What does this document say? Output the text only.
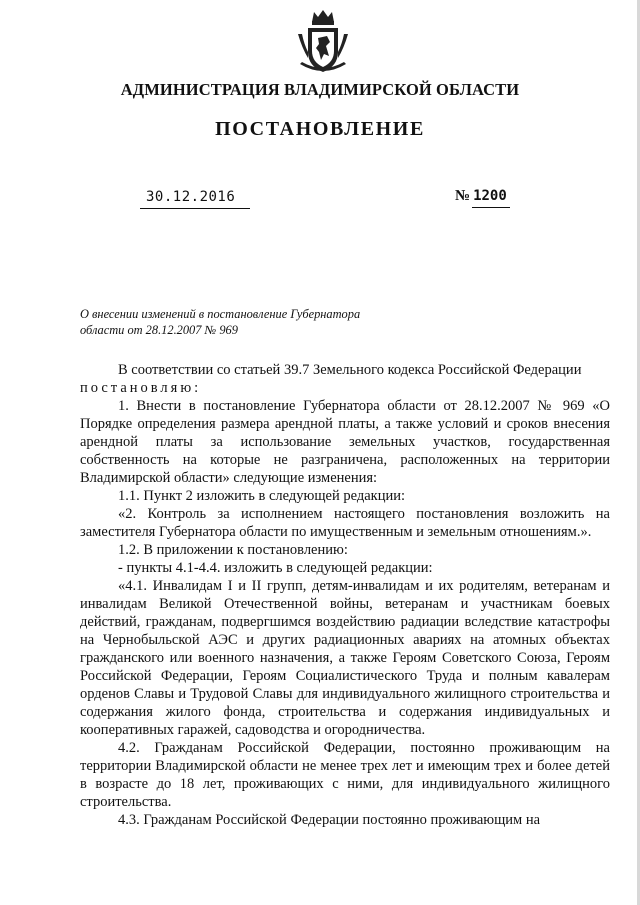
АДМИНИСТРАЦИЯ ВЛАДИМИРСКОЙ ОБЛАСТИ
ПОСТАНОВЛЕНИЕ
30.12.2016	№ 1200
О внесении изменений в постановление Губернатора
области от 28.12.2007 № 969

В соответствии со статьей 39.7 Земельного кодекса Российской Федерации

постановляю:

1. Внести в постановление Губернатора области от 28.12.2007 № 969 «О Порядке определения размера арендной платы, а также условий и сроков внесения арендной платы за использование земельных участков, государственная собственность на которые не разграничена, расположенных на территории Владимирской области» следующие изменения:

1.1. Пункт 2 изложить в следующей редакции:

«2. Контроль за исполнением настоящего постановления возложить на заместителя Губернатора области по имущественным и земельным отношениям.».

1.2. В приложении к постановлению:

- пункты 4.1-4.4. изложить в следующей редакции:

«4.1. Инвалидам I и II групп, детям-инвалидам и их родителям, ветеранам и инвалидам Великой Отечественной войны, ветеранам и участникам боевых действий, гражданам, подвергшимся воздействию радиации вследствие катастрофы на Чернобыльской АЭС и других радиационных авариях на атомных объектах гражданского или военного назначения, а также Героям Советского Союза, Героям Российской Федерации, Героям Социалистического Труда и полным кавалерам орденов Славы и Трудовой Славы для индивидуального жилищного строительства и содержания жилого фонда, строительства и содержания индивидуальных и кооперативных гаражей, садоводства и огородничества.

4.2. Гражданам Российской Федерации, постоянно проживающим на территории Владимирской области не менее трех лет и имеющим трех и более детей в возрасте до 18 лет, проживающих с ними, для индивидуального жилищного строительства.

4.3. Гражданам Российской Федерации постоянно проживающим на
